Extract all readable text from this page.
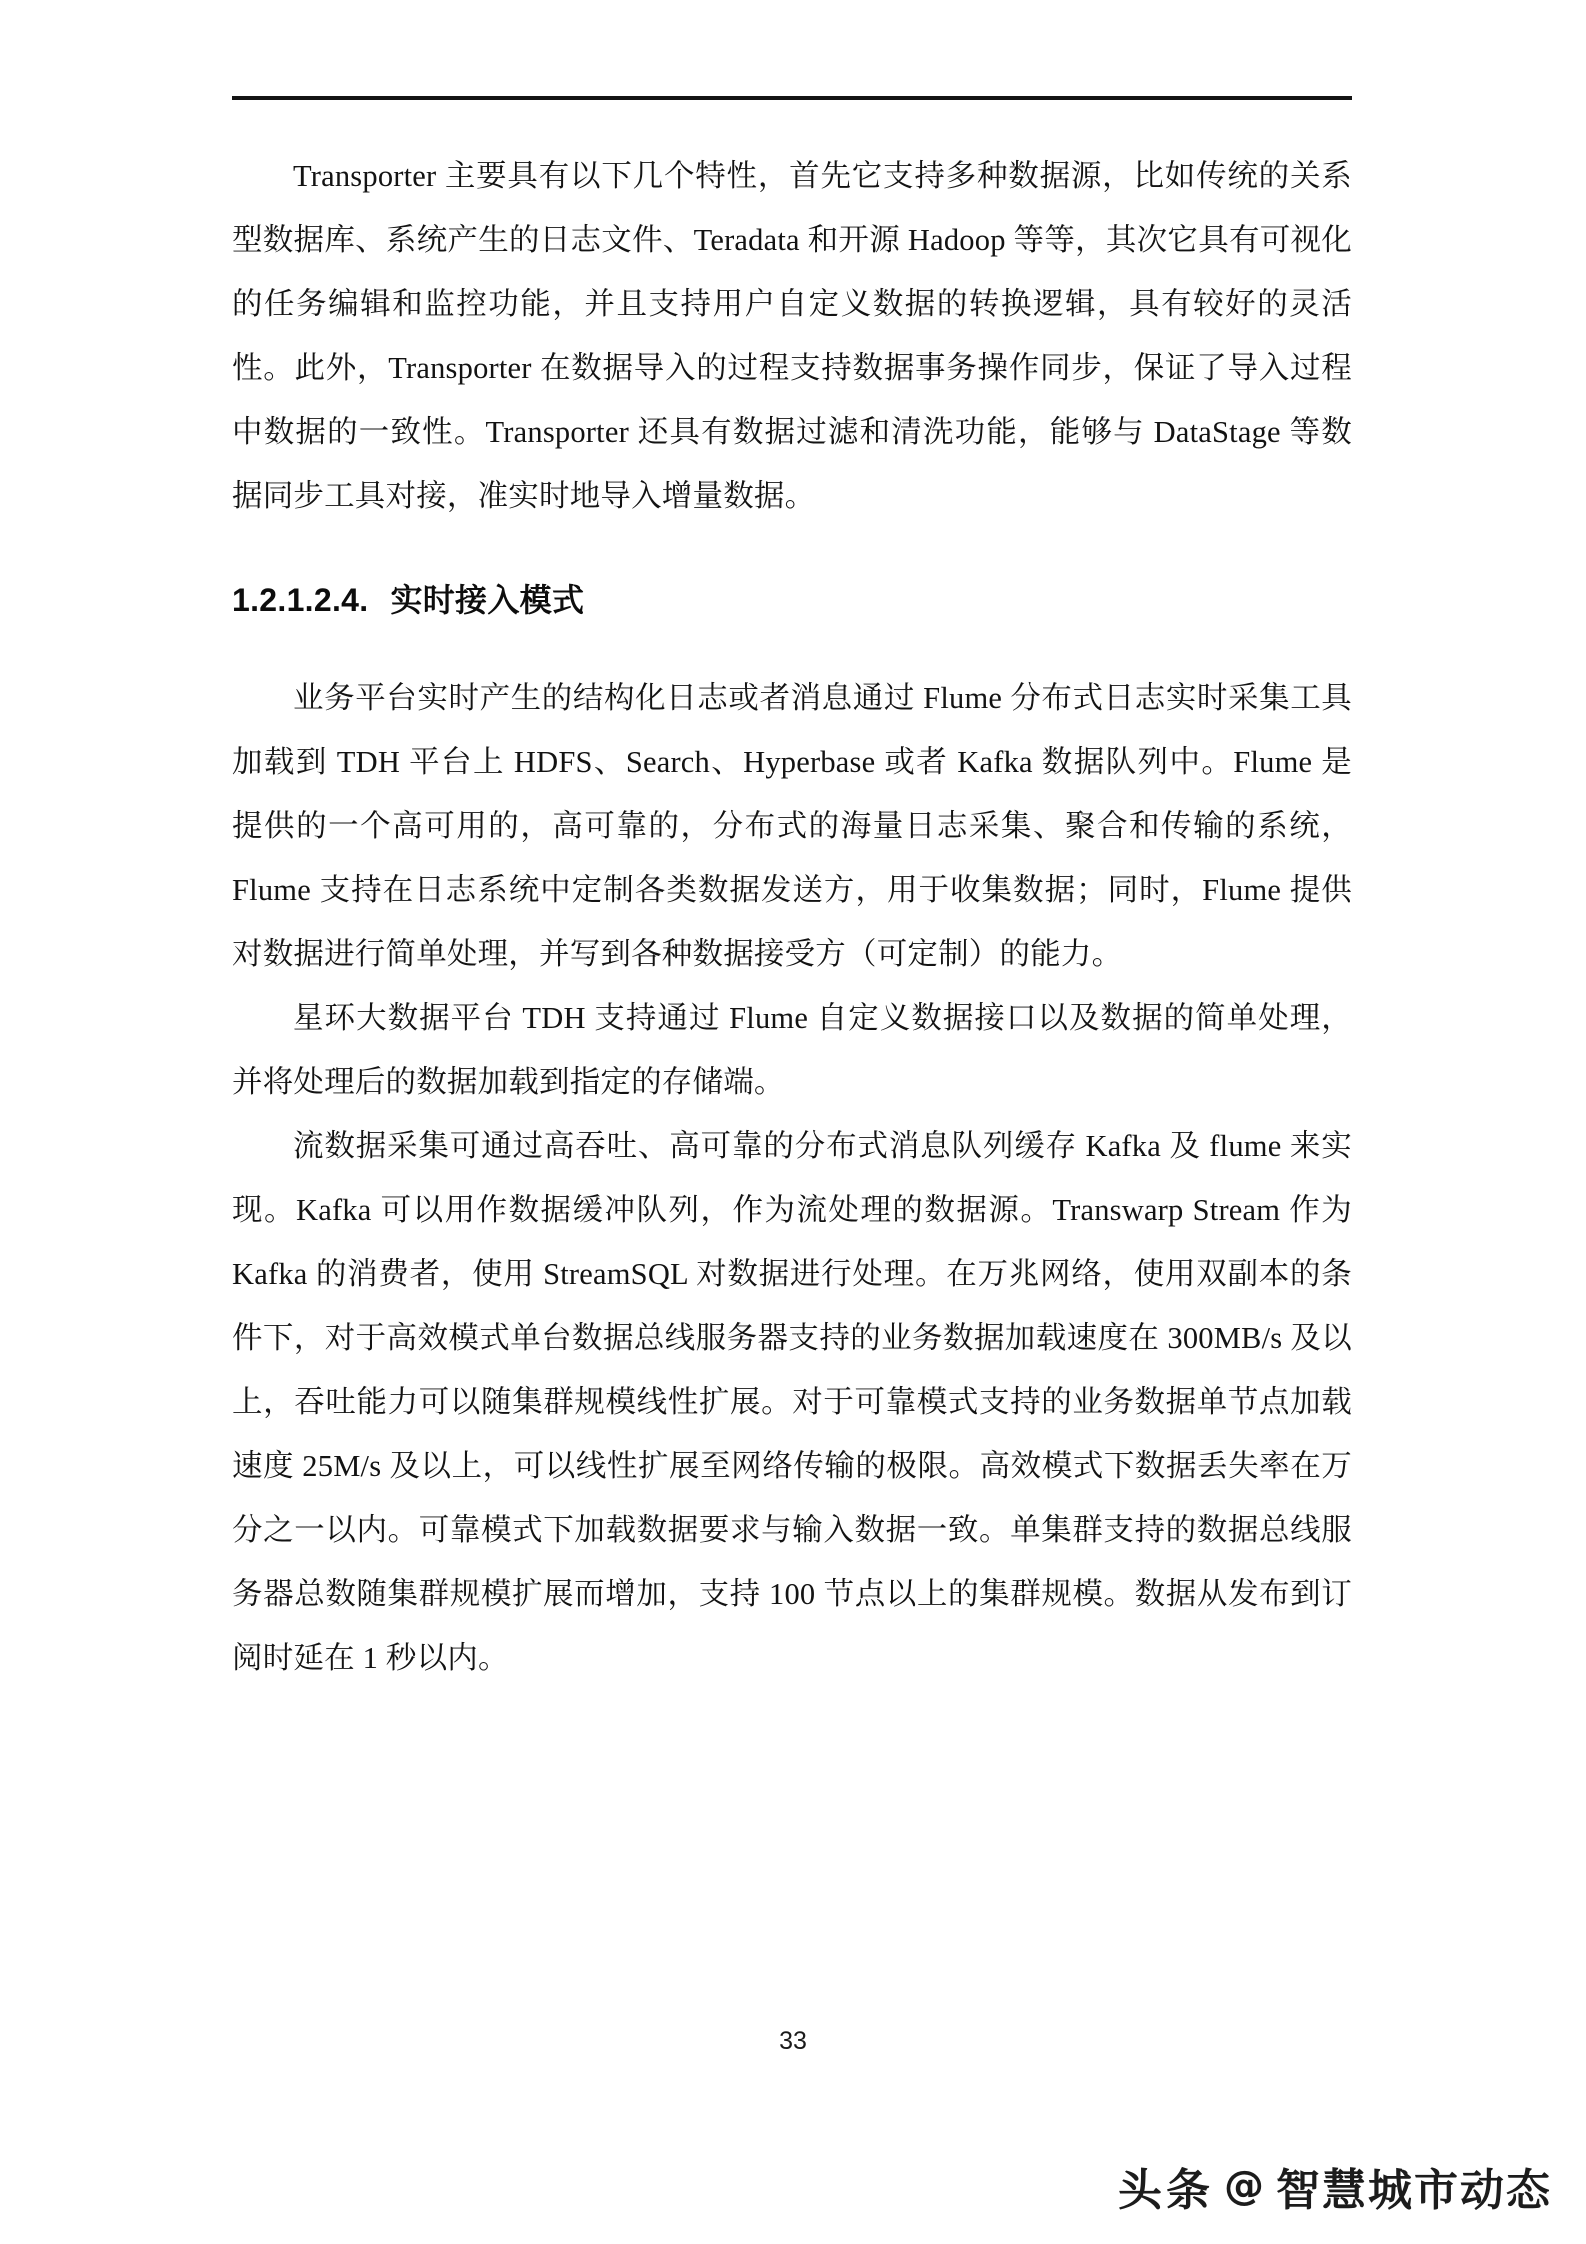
Transporter 主要具有以下几个特性，首先它支持多种数据源，比如传统的关系型数据库、系统产生的日志文件、Teradata 和开源 Hadoop 等等，其次它具有可视化的任务编辑和监控功能，并且支持用户自定义数据的转换逻辑，具有较好的灵活性。此外，Transporter 在数据导入的过程支持数据事务操作同步，保证了导入过程中数据的一致性。Transporter 还具有数据过滤和清洗功能，能够与 DataStage 等数据同步工具对接，准实时地导入增量数据。

1.2.1.2.4. 实时接入模式

业务平台实时产生的结构化日志或者消息通过 Flume 分布式日志实时采集工具加载到 TDH 平台上 HDFS、Search、Hyperbase 或者 Kafka 数据队列中。Flume 是提供的一个高可用的，高可靠的，分布式的海量日志采集、聚合和传输的系统，Flume 支持在日志系统中定制各类数据发送方，用于收集数据；同时，Flume 提供对数据进行简单处理，并写到各种数据接受方（可定制）的能力。

星环大数据平台 TDH 支持通过 Flume 自定义数据接口以及数据的简单处理，并将处理后的数据加载到指定的存储端。

流数据采集可通过高吞吐、高可靠的分布式消息队列缓存 Kafka 及 flume 来实现。Kafka 可以用作数据缓冲队列，作为流处理的数据源。Transwarp Stream 作为 Kafka 的消费者，使用 StreamSQL 对数据进行处理。在万兆网络，使用双副本的条件下，对于高效模式单台数据总线服务器支持的业务数据加载速度在 300MB/s 及以上，吞吐能力可以随集群规模线性扩展。对于可靠模式支持的业务数据单节点加载速度 25M/s 及以上，可以线性扩展至网络传输的极限。高效模式下数据丢失率在万分之一以内。可靠模式下加载数据要求与输入数据一致。单集群支持的数据总线服务器总数随集群规模扩展而增加，支持 100 节点以上的集群规模。数据从发布到订阅时延在 1 秒以内。

33
头条 @ 智慧城市动态
